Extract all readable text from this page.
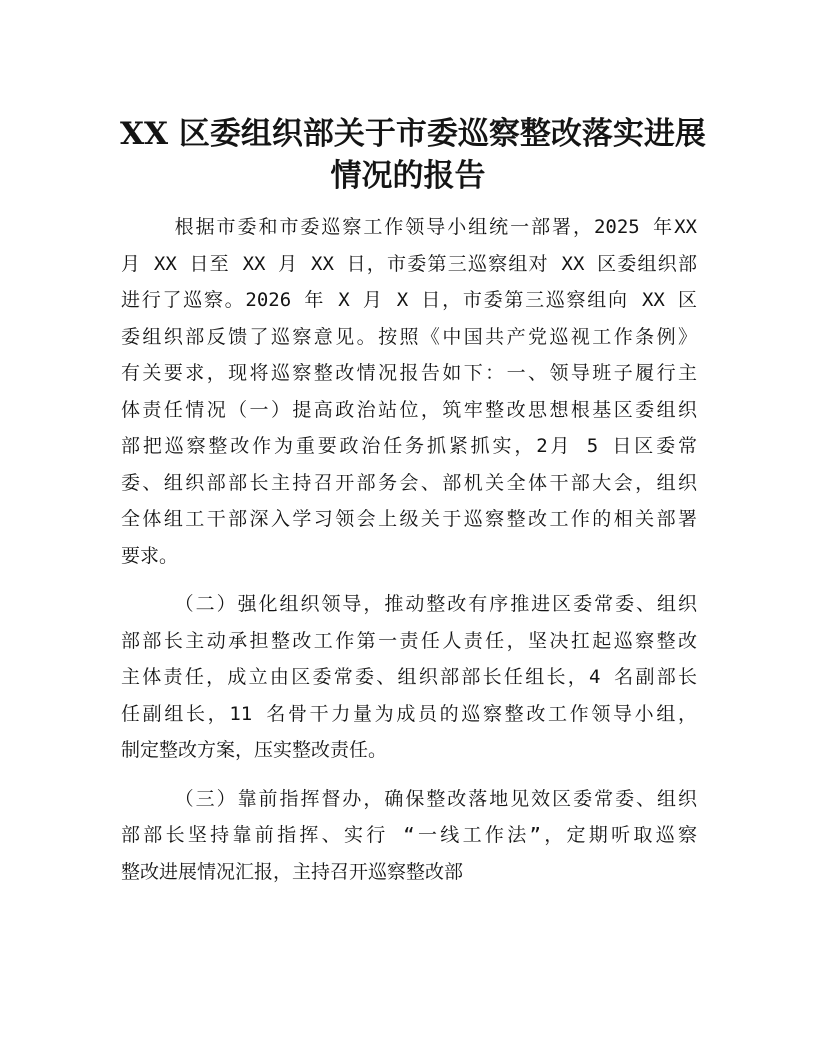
XX 区委组织部关于市委巡察整改落实进展
情况的报告

根据市委和市委巡察工作领导小组统一部署，2025 年XX
月 XX 日至 XX 月 XX 日，市委第三巡察组对 XX 区委组织部
进行了巡察。2026 年 X 月 X 日，市委第三巡察组向 XX 区
委组织部反馈了巡察意见。按照《中国共产党巡视工作条例》
有关要求，现将巡察整改情况报告如下：一、领导班子履行主
体责任情况（一）提高政治站位，筑牢整改思想根基区委组织
部把巡察整改作为重要政治任务抓紧抓实，2月 5 日区委常
委、组织部部长主持召开部务会、部机关全体干部大会，组织
全体组工干部深入学习领会上级关于巡察整改工作的相关部署
要求。

（二）强化组织领导，推动整改有序推进区委常委、组织
部部长主动承担整改工作第一责任人责任，坚决扛起巡察整改
主体责任，成立由区委常委、组织部部长任组长，4 名副部长
任副组长，11 名骨干力量为成员的巡察整改工作领导小组，
制定整改方案，压实整改责任。

（三）靠前指挥督办，确保整改落地见效区委常委、组织
部部长坚持靠前指挥、实行 “一线工作法”，定期听取巡察
整改进展情况汇报，主持召开巡察整改部
